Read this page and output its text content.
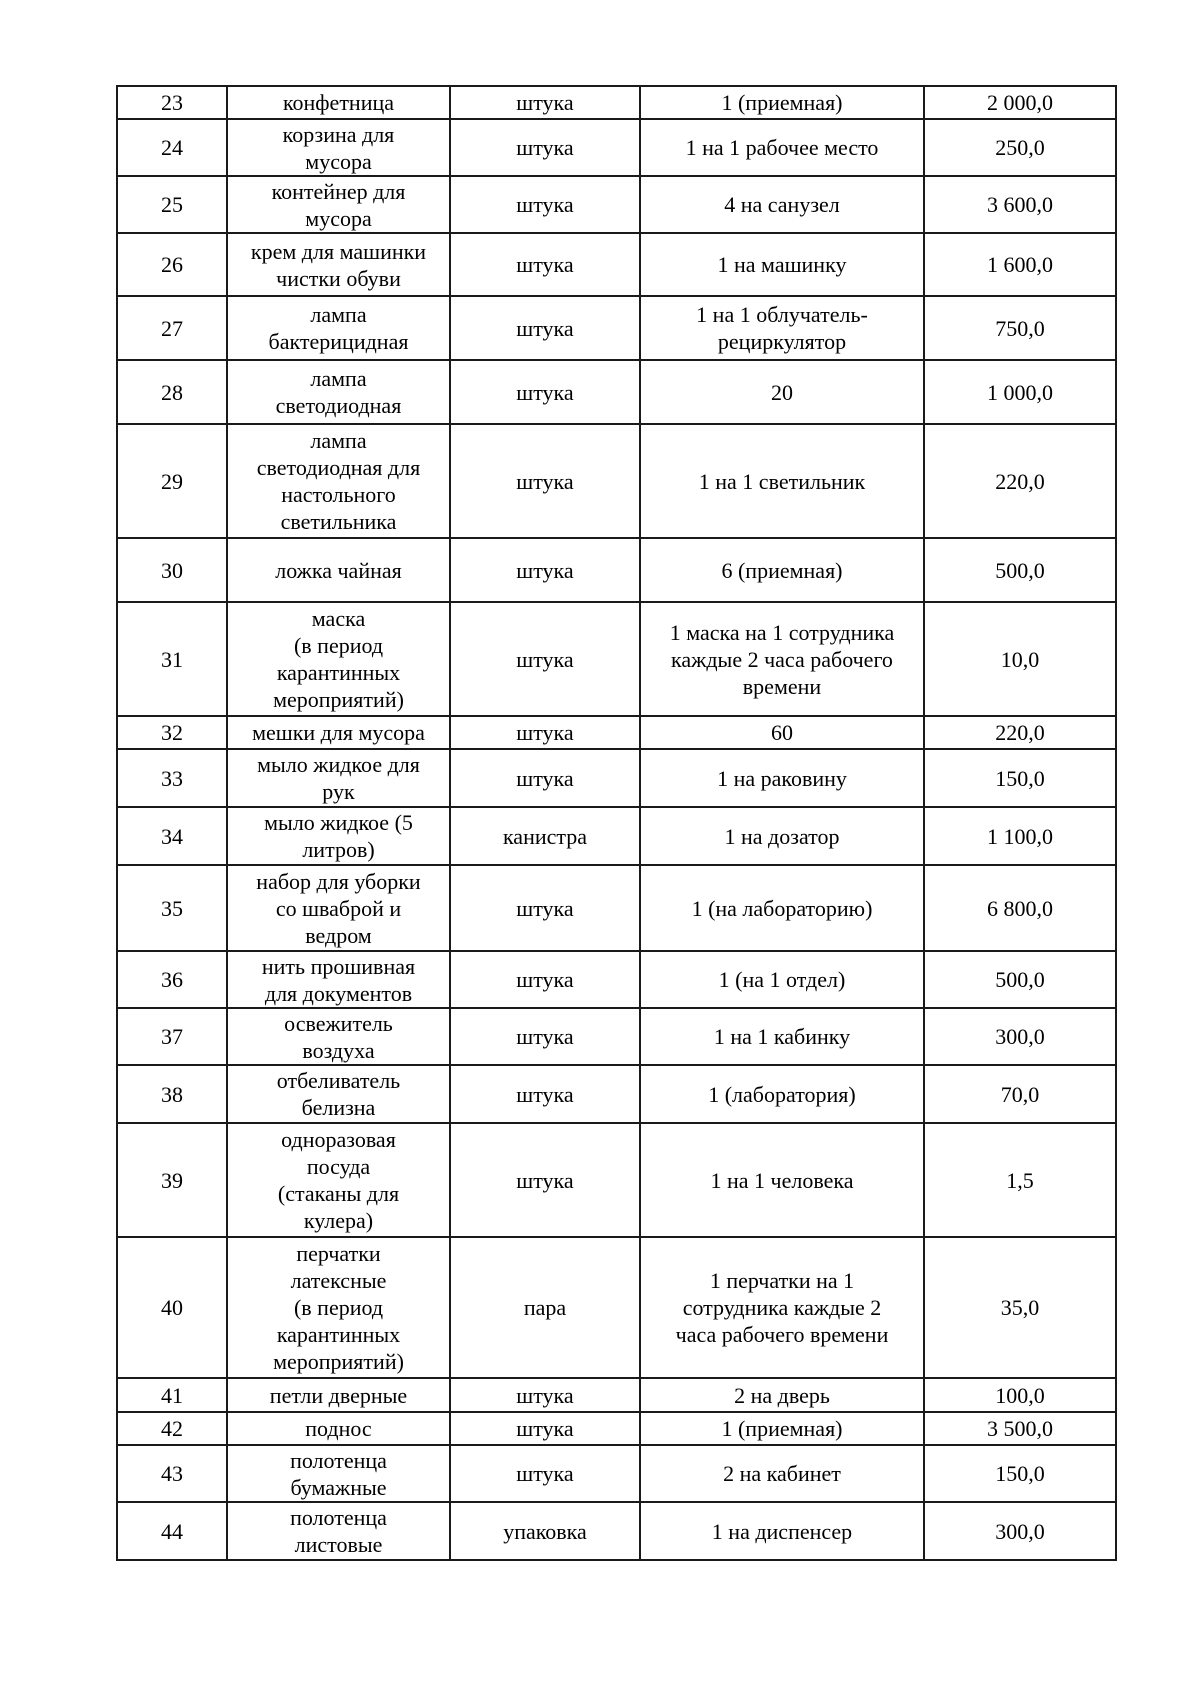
23	конфетница	штука	1 (приемная)	2 000,0
24	корзина для
мусора	штука	1 на 1 рабочее место	250,0
25	контейнер для
мусора	штука	4 на санузел	3 600,0
26	крем для машинки
чистки обуви	штука	1 на машинку	1 600,0
27	лампа
бактерицидная	штука	1 на 1 облучатель-
рециркулятор	750,0
28	лампа
светодиодная	штука	20	1 000,0
29	лампа
светодиодная для
настольного
светильника	штука	1 на 1 светильник	220,0
30	ложка чайная	штука	6 (приемная)	500,0
31	маска
(в период
карантинных
мероприятий)	штука	1 маска на 1 сотрудника
каждые 2 часа рабочего
времени	10,0
32	мешки для мусора	штука	60	220,0
33	мыло жидкое для
рук	штука	1 на раковину	150,0
34	мыло жидкое (5
литров)	канистра	1 на дозатор	1 100,0
35	набор для уборки
со шваброй и
ведром	штука	1 (на лабораторию)	6 800,0
36	нить прошивная
для документов	штука	1 (на 1 отдел)	500,0
37	освежитель
воздуха	штука	1 на 1 кабинку	300,0
38	отбеливатель
белизна	штука	1 (лаборатория)	70,0
39	одноразовая
посуда
(стаканы для
кулера)	штука	1 на 1 человека	1,5
40	перчатки
латексные
(в период
карантинных
мероприятий)	пара	1 перчатки на 1
сотрудника каждые 2
часа рабочего времени	35,0
41	петли дверные	штука	2 на дверь	100,0
42	поднос	штука	1 (приемная)	3 500,0
43	полотенца
бумажные	штука	2 на кабинет	150,0
44	полотенца
листовые	упаковка	1 на диспенсер	300,0
